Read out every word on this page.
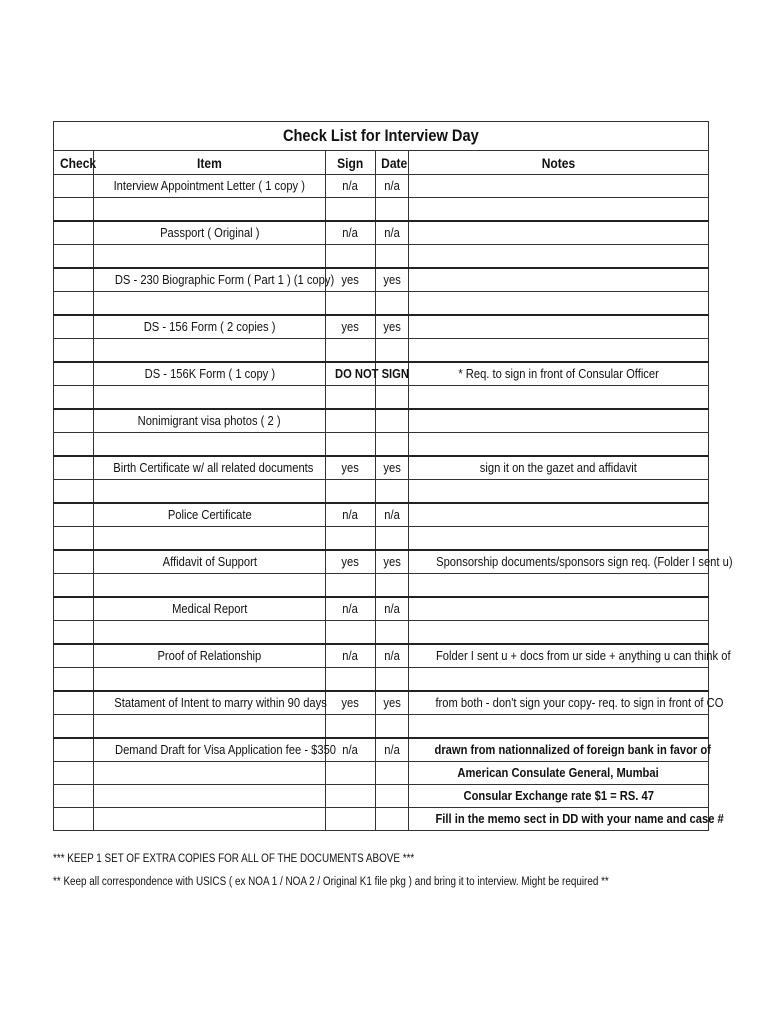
Check List for Interview Day				
Check	Item	Sign	Date	Notes
	Interview Appointment Letter ( 1 copy )	n/a	n/a	

	Passport ( Original )	n/a	n/a	

	DS - 230 Biographic Form ( Part 1 ) (1 copy)	yes	yes	

	DS - 156 Form ( 2 copies )	yes	yes	

	DS - 156K Form ( 1 copy )	DO NOT SIGN		* Req. to sign in front of Consular Officer

	Nonimigrant visa photos ( 2 )			

	Birth Certificate w/ all related documents	yes	yes	sign it on the gazet and affidavit

	Police Certificate	n/a	n/a	

	Affidavit of Support	yes	yes	Sponsorship documents/sponsors sign req. (Folder I sent u)

	Medical Report	n/a	n/a	

	Proof of Relationship	n/a	n/a	Folder I sent u + docs from ur side + anything u can think of

	Statament of Intent to marry within 90 days	yes	yes	from both - don't sign your copy- req. to sign in front of CO

	Demand Draft for Visa Application fee - $350	n/a	n/a	drawn from nationnalized of foreign bank in favor of
				American Consulate General, Mumbai
				Consular Exchange rate $1 = RS. 47
				Fill in the memo sect in DD with your name and case #
*** KEEP 1 SET OF EXTRA COPIES FOR ALL OF THE DOCUMENTS ABOVE ***
** Keep all correspondence with USICS ( ex NOA 1 / NOA 2 / Original K1 file pkg ) and bring it to interview. Might be required **
